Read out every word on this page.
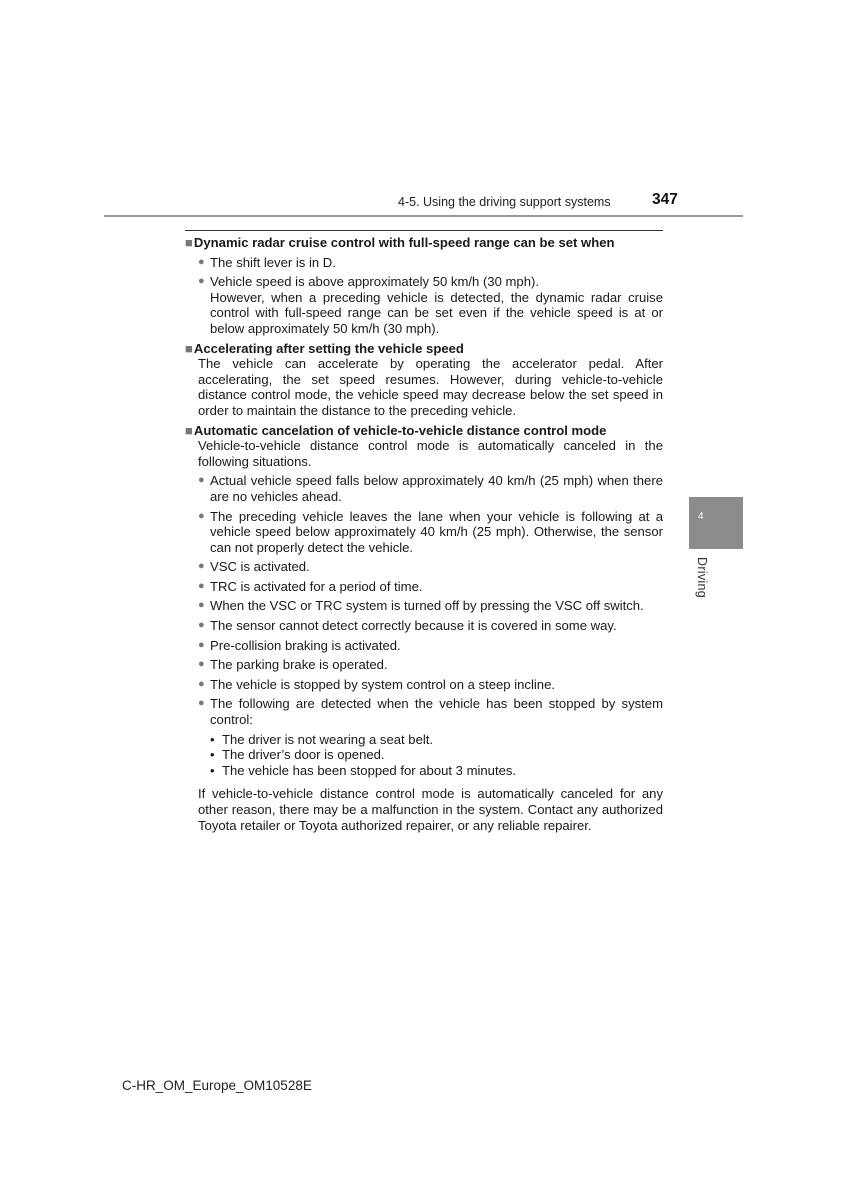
4-5. Using the driving support systems	347
4
Driving
■Dynamic radar cruise control with full-speed range can be set when
● The shift lever is in D.
● Vehicle speed is above approximately 50 km/h (30 mph).
However, when a preceding vehicle is detected, the dynamic radar cruise control with full-speed range can be set even if the vehicle speed is at or below approximately 50 km/h (30 mph).
■Accelerating after setting the vehicle speed
The vehicle can accelerate by operating the accelerator pedal. After accelerating, the set speed resumes. However, during vehicle-to-vehicle distance control mode, the vehicle speed may decrease below the set speed in order to maintain the distance to the preceding vehicle.
■Automatic cancelation of vehicle-to-vehicle distance control mode
Vehicle-to-vehicle distance control mode is automatically canceled in the following situations.
● Actual vehicle speed falls below approximately 40 km/h (25 mph) when there are no vehicles ahead.
● The preceding vehicle leaves the lane when your vehicle is following at a vehicle speed below approximately 40 km/h (25 mph). Otherwise, the sensor can not properly detect the vehicle.
● VSC is activated.
● TRC is activated for a period of time.
● When the VSC or TRC system is turned off by pressing the VSC off switch.
● The sensor cannot detect correctly because it is covered in some way.
● Pre-collision braking is activated.
● The parking brake is operated.
● The vehicle is stopped by system control on a steep incline.
● The following are detected when the vehicle has been stopped by system control:
• The driver is not wearing a seat belt.
• The driver’s door is opened.
• The vehicle has been stopped for about 3 minutes.
If vehicle-to-vehicle distance control mode is automatically canceled for any other reason, there may be a malfunction in the system. Contact any authorized Toyota retailer or Toyota authorized repairer, or any reliable repairer.
C-HR_OM_Europe_OM10528E
